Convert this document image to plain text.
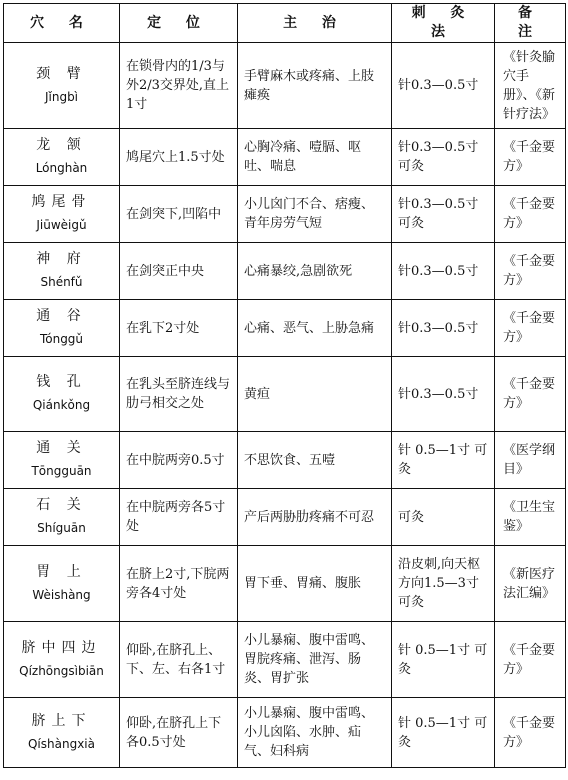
穴 名	定 位	主 治	刺 灸 法	备 注

颈 臂
Jǐngbì	在锁骨内的1/3与外2/3交界处,直上1寸	手臂麻木或疼痛、上肢瘫痪	针0.3—0.5寸	《针灸腧穴手册》、《新针疗法》

龙 颔
Lónghàn	鸠尾穴上1.5寸处	心胸冷痛、噎膈、呕吐、喘息	针0.3—0.5寸 可灸	《千金要方》

鸠尾骨
Jiūwèigǔ	在剑突下,凹陷中	小儿囟门不合、痞瘦、青年房劳气短	针0.3—0.5寸 可灸	《千金要方》

神 府
Shénfǔ	在剑突正中央	心痛暴绞,急剧欲死	针0.3—0.5寸	《千金要方》

通 谷
Tónggǔ	在乳下2寸处	心痛、恶气、上胁急痛	针0.3—0.5寸	《千金要方》

钱 孔
Qiánkǒng	在乳头至脐连线与肋弓相交之处	黄疸	针0.3—0.5寸	《千金要方》

通 关
Tōngguān	在中脘两旁0.5寸	不思饮食、五噎	针 0.5—1寸 可灸	《医学纲目》

石 关
Shíguān	在中脘两旁各5寸处	产后两胁肋疼痛不可忍	可灸	《卫生宝鉴》

胃 上
Wèishàng	在脐上2寸,下脘两旁各4寸处	胃下垂、胃痛、腹胀	沿皮刺,向天枢方向1.5—3寸 可灸	《新医疗法汇编》

脐中四边
Qízhōngsìbiān	仰卧,在脐孔上、下、左、右各1寸	小儿暴痫、腹中雷鸣、胃脘疼痛、泄泻、肠炎、胃扩张	针 0.5—1寸 可灸	《千金要方》

脐上下
Qíshàngxià	仰卧,在脐孔上下各0.5寸处	小儿暴痫、腹中雷鸣、小儿囟陷、水肿、疝气、妇科病	针 0.5—1寸 可灸	《千金要方》
